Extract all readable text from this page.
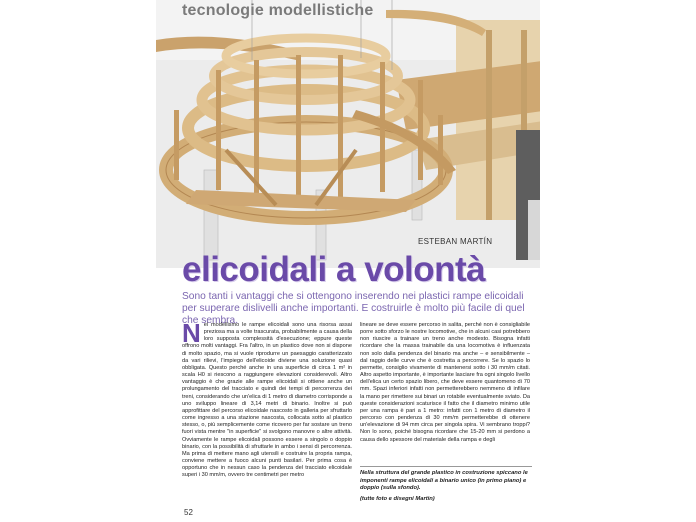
tecnologie modellistiche
ESTEBAN MARTÍN
elicoidali a volontà
Sono tanti i vantaggi che si ottengono inserendo nei plastici rampe elicoidali per superare dislivelli anche importanti. E costruirle è molto più facile di quel che sembra.
Nel modellismo le rampe elicoidali sono una risorsa assai preziosa ma a volte trascurata, probabilmente a causa della loro supposta complessità d'esecuzione; eppure queste offrono molti vantaggi. Fra l'altro, in un plastico dove non si dispone di molto spazio, ma si vuole riprodurre un paesaggio caratterizzato da vari rilievi, l'impiego dell'elicoide diviene una soluzione quasi obbligata. Questo perché anche in una superficie di circa 1 m² in scala H0 si riescono a raggiungere elevazioni considerevoli. Altro vantaggio è che grazie alle rampe elicoidali si ottiene anche un prolungamento del tracciato e quindi dei tempi di percorrenza dei treni, considerando che un'elica di 1 metro di diametro corrisponde a uno sviluppo lineare di 3,14 metri di binario. Inoltre si può approfittare del percorso elicoidale nascosto in galleria per sfruttarlo come ingresso a una stazione nascosta, collocata sotto al plastico stesso, o, più semplicemente come ricovero per far sostare un treno fuori vista mentre "in superficie" si svolgono manovre o altre attività. Ovviamente le rampe elicoidali possono essere a singolo o doppio binario, con la possibilità di sfruttarle in ambo i sensi di percorrenza. Ma prima di mettere mano agli utensili e costruire la propria rampa, conviene mettere a fuoco alcuni punti basilari. Per prima cosa è opportuno che in nessun caso la pendenza del tracciato elicoidale superi i 30 mm/m, ovvero tre centimetri per metro
lineare se deve essere percorso in salita, perché non è consigliabile porre sotto sforzo le nostre locomotive, che in alcuni casi potrebbero non riuscire a trainare un treno anche modesto. Bisogna infatti ricordare che la massa trainabile da una locomotiva è influenzata non solo dalla pendenza del binario ma anche – e sensibilmente – dal raggio delle curve che è costretta a percorrere. Se lo spazio lo permette, consiglio vivamente di mantenersi sotto i 30 mm/m citati. Altro aspetto importante, è importante lasciare fra ogni singolo livello dell'elica un certo spazio libero, che deve essere quantomeno di 70 mm. Spazi inferiori infatti non permetterebbero nemmeno di infilare la mano per rimettere sui binari un rotabile eventualmente sviato. Da queste considerazioni scaturisce il fatto che il diametro minimo utile per una rampa è pari a 1 metro: infatti con 1 metro di diametro il percorso con pendenza di 30 mm/m permetterebbe di ottenere un'elevazione di 94 mm circa per singola spira. Vi sembrano troppi? Non lo sono, poiché bisogna ricordare che 15-20 mm si perdono a causa dello spessore del materiale della rampa e degli
Nella struttura del grande plastico in costruzione spiccano le imponenti rampe elicoidali a binario unico (in primo piano) e doppio (sulla sfondo).
(tutte foto e disegni Martin)
52
